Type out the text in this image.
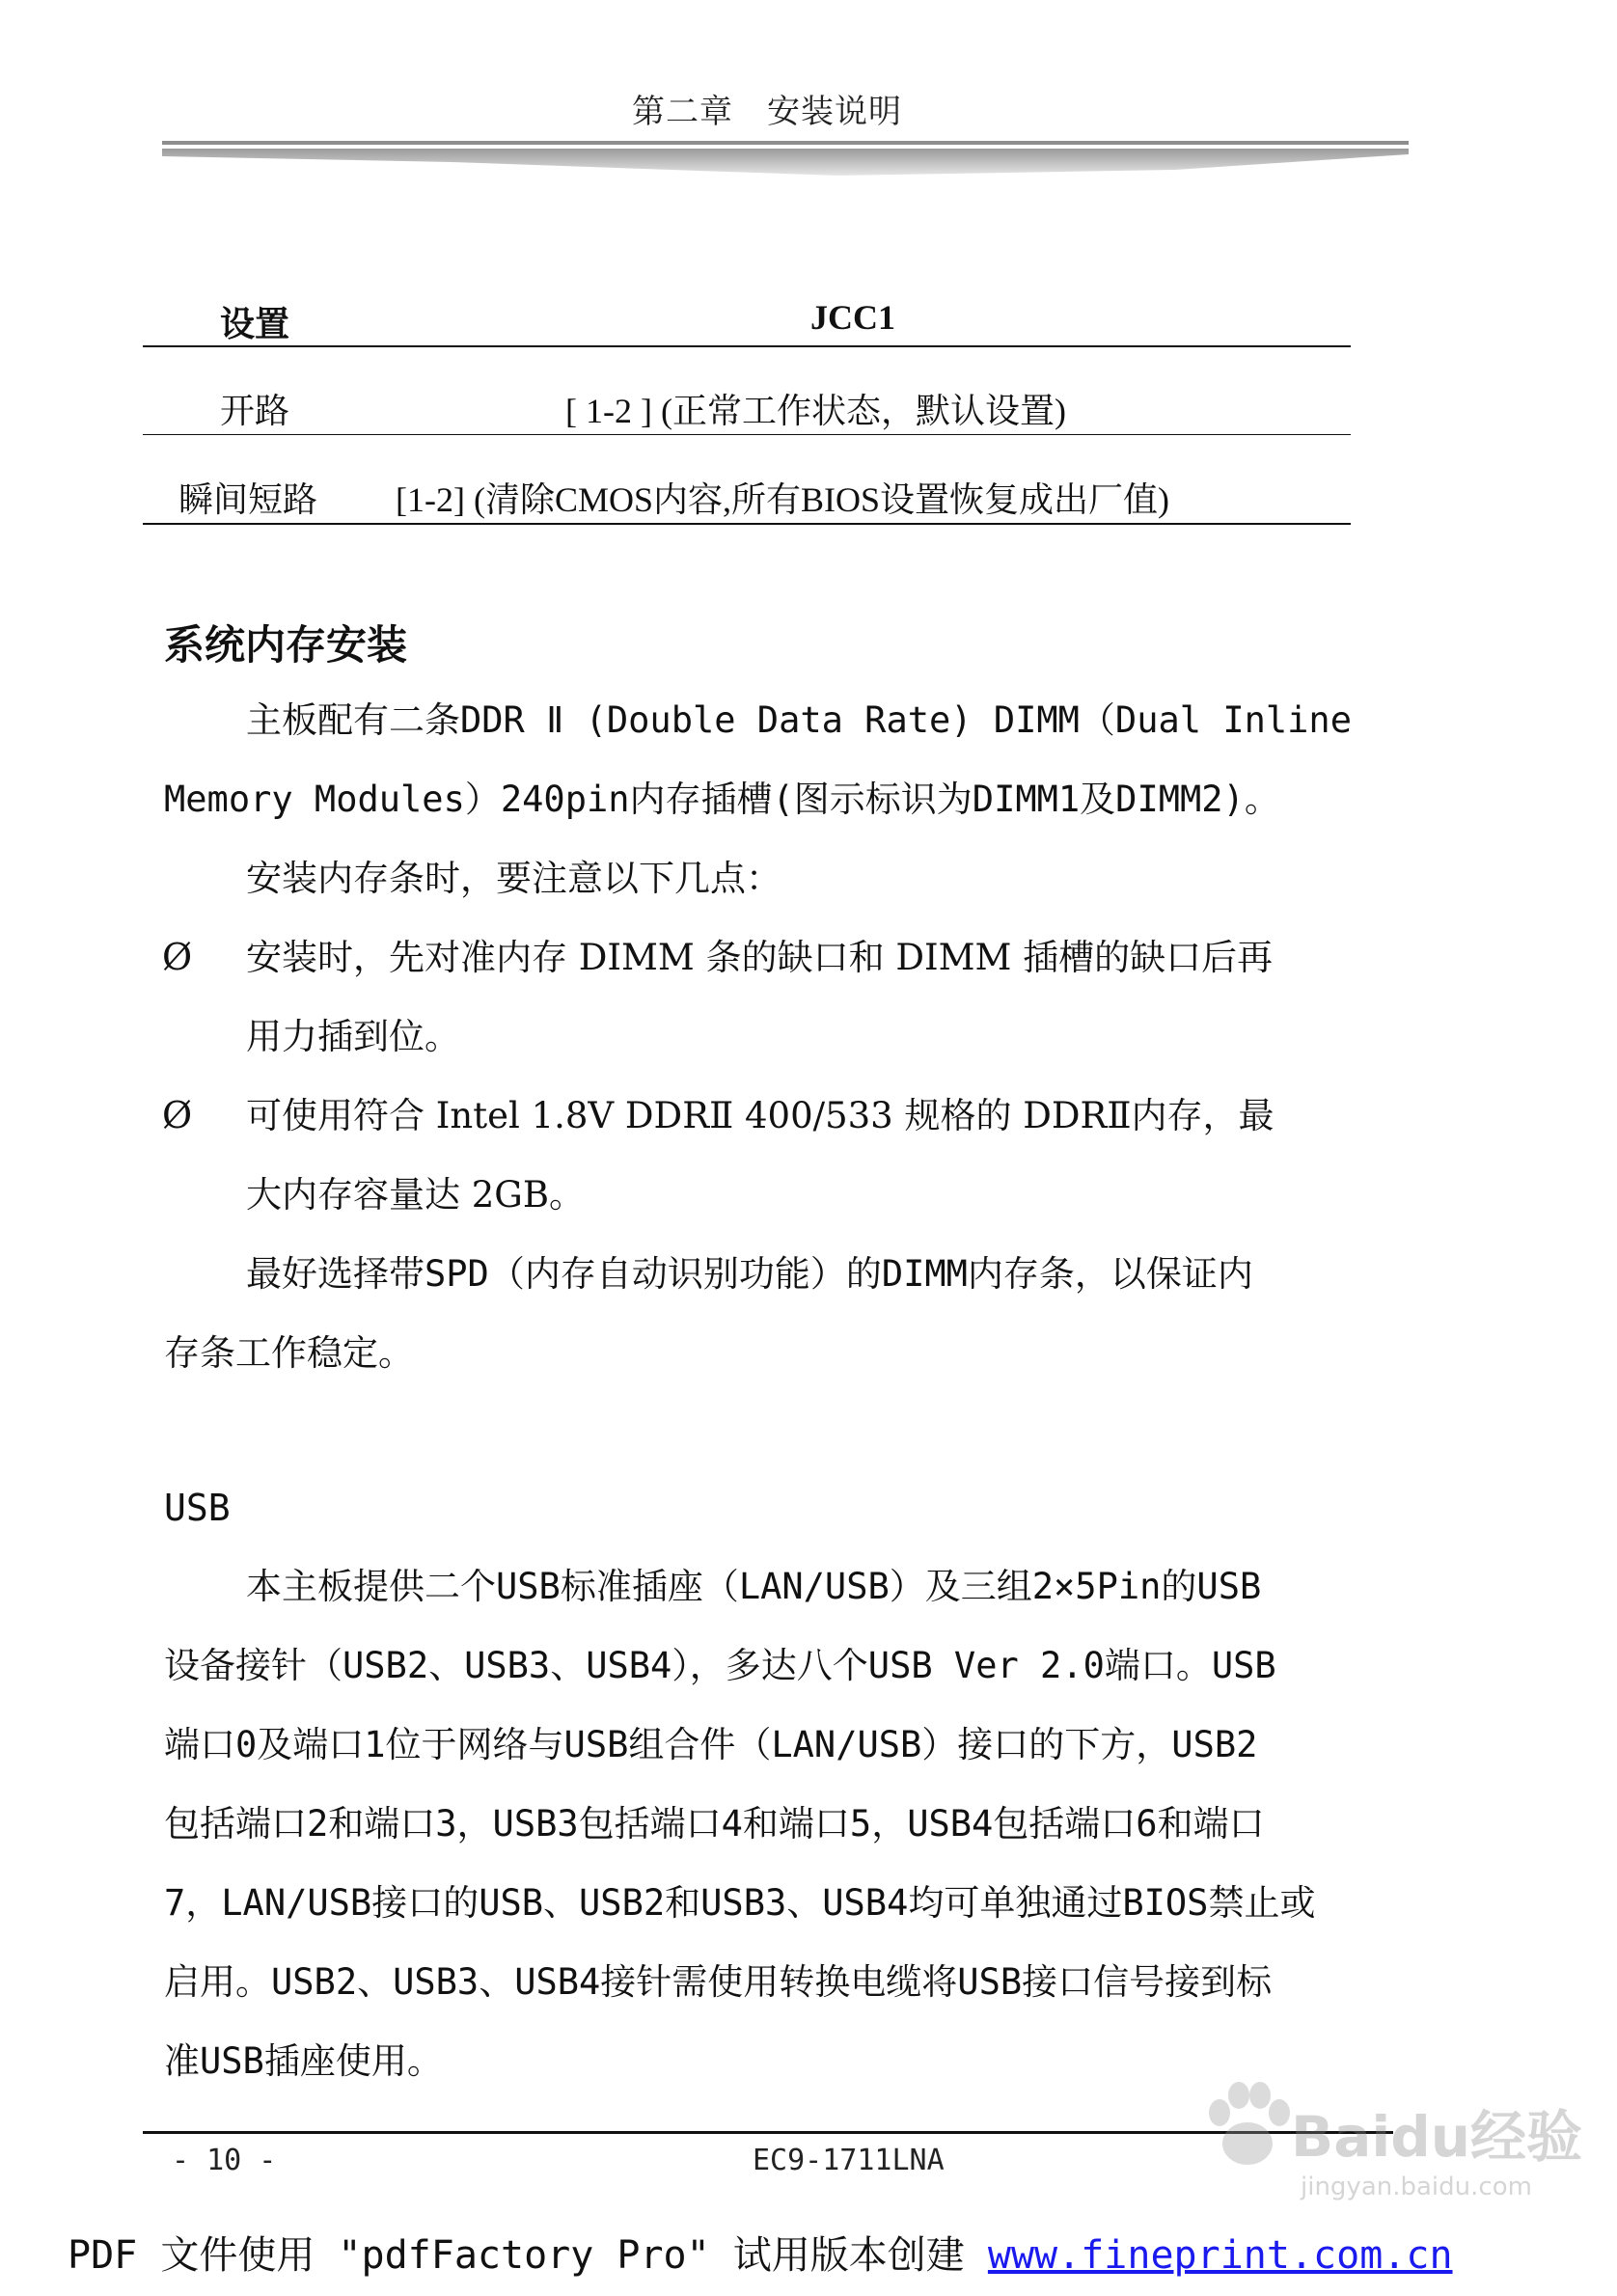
第二章　安装说明
设置	JCC1
开路	[ 1-2 ] (正常工作状态，默认设置)
瞬间短路 [1-2] (清除CMOS内容,所有BIOS设置恢复成出厂值)
系统内存安装
主板配有二条DDR Ⅱ (Double Data Rate) DIMM（Dual Inline
Memory Modules）240pin内存插槽(图示标识为DIMM1及DIMM2)。
安装内存条时，要注意以下几点：
Ø 安装时，先对准内存 DIMM 条的缺口和 DIMM 插槽的缺口后再
用力插到位。
Ø 可使用符合 Intel 1.8V DDRⅡ 400/533 规格的 DDRⅡ内存，最
大内存容量达 2GB。
最好选择带SPD（内存自动识别功能）的DIMM内存条，以保证内
存条工作稳定。
USB
本主板提供二个USB标准插座（LAN/USB）及三组2×5Pin的USB
设备接针（USB2、USB3、USB4），多达八个USB Ver 2.0端口。USB
端口0及端口1位于网络与USB组合件（LAN/USB）接口的下方，USB2
包括端口2和端口3，USB3包括端口4和端口5，USB4包括端口6和端口
7，LAN/USB接口的USB、USB2和USB3、USB4均可单独通过BIOS禁止或
启用。USB2、USB3、USB4接针需使用转换电缆将USB接口信号接到标
准USB插座使用。
- 10 -	EC9-1711LNA
PDF 文件使用 "pdfFactory Pro" 试用版本创建 www.fineprint.com.cn
Baidu经验
jingyan.baidu.com
